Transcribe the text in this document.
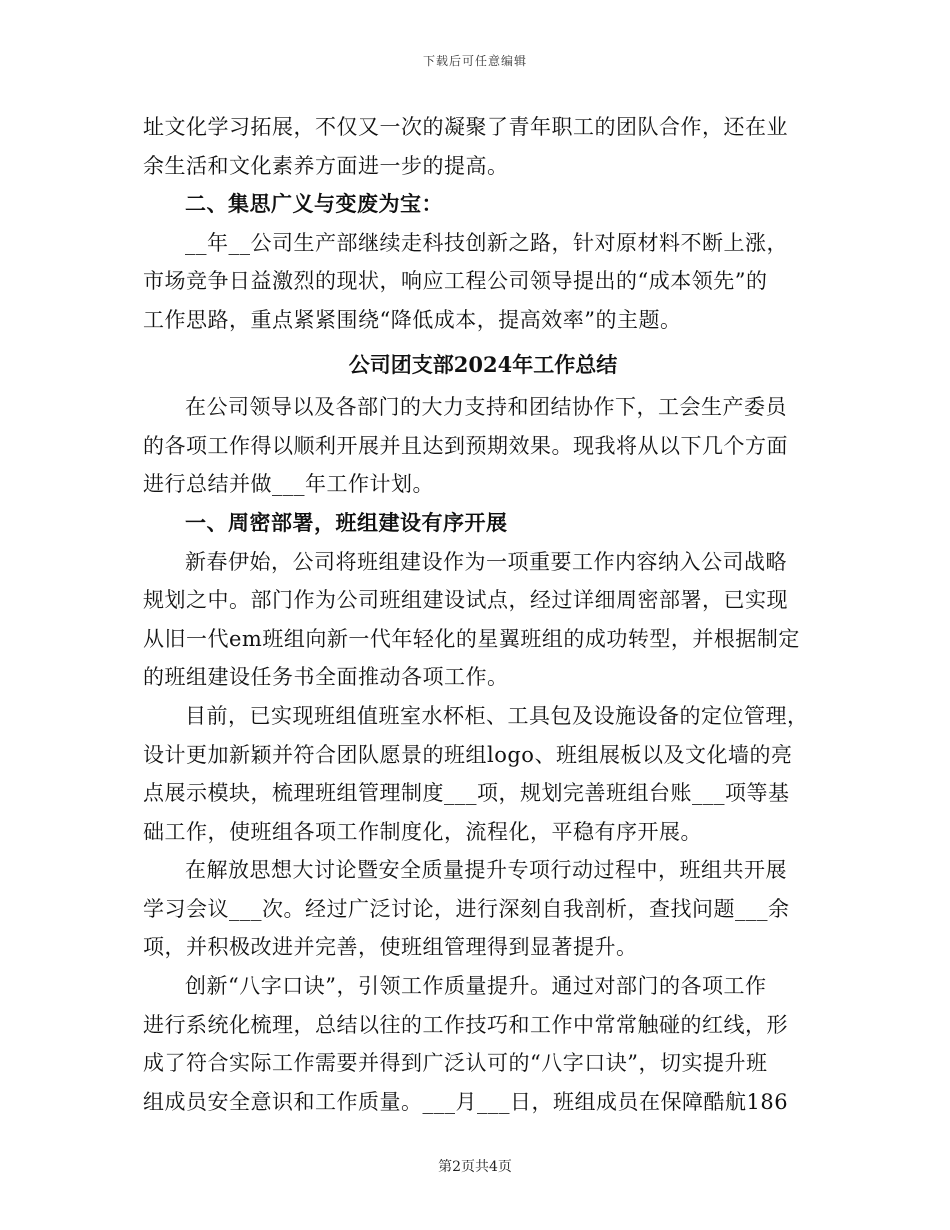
下载后可任意编辑
址文化学习拓展，不仅又一次的凝聚了青年职工的团队合作，还在业
余生活和文化素养方面进一步的提高。
二、集思广义与变废为宝：
__年__公司生产部继续走科技创新之路，针对原材料不断上涨，
市场竞争日益激烈的现状，响应工程公司领导提出的“成本领先”的
工作思路，重点紧紧围绕“降低成本，提高效率”的主题。
公司团支部2024年工作总结
在公司领导以及各部门的大力支持和团结协作下，工会生产委员
的各项工作得以顺利开展并且达到预期效果。现我将从以下几个方面
进行总结并做___年工作计划。
一、周密部署，班组建设有序开展
新春伊始，公司将班组建设作为一项重要工作内容纳入公司战略
规划之中。部门作为公司班组建设试点，经过详细周密部署，已实现
从旧一代em班组向新一代年轻化的星翼班组的成功转型，并根据制定
的班组建设任务书全面推动各项工作。
目前，已实现班组值班室水杯柜、工具包及设施设备的定位管理，
设计更加新颖并符合团队愿景的班组logo、班组展板以及文化墙的亮
点展示模块，梳理班组管理制度___项，规划完善班组台账___项等基
础工作，使班组各项工作制度化，流程化，平稳有序开展。
在解放思想大讨论暨安全质量提升专项行动过程中，班组共开展
学习会议___次。经过广泛讨论，进行深刻自我剖析，查找问题___余
项，并积极改进并完善，使班组管理得到显著提升。
创新“八字口诀”，引领工作质量提升。通过对部门的各项工作
进行系统化梳理，总结以往的工作技巧和工作中常常触碰的红线，形
成了符合实际工作需要并得到广泛认可的“八字口诀”，切实提升班
组成员安全意识和工作质量。___月___日，班组成员在保障酷航186
第2页共4页
